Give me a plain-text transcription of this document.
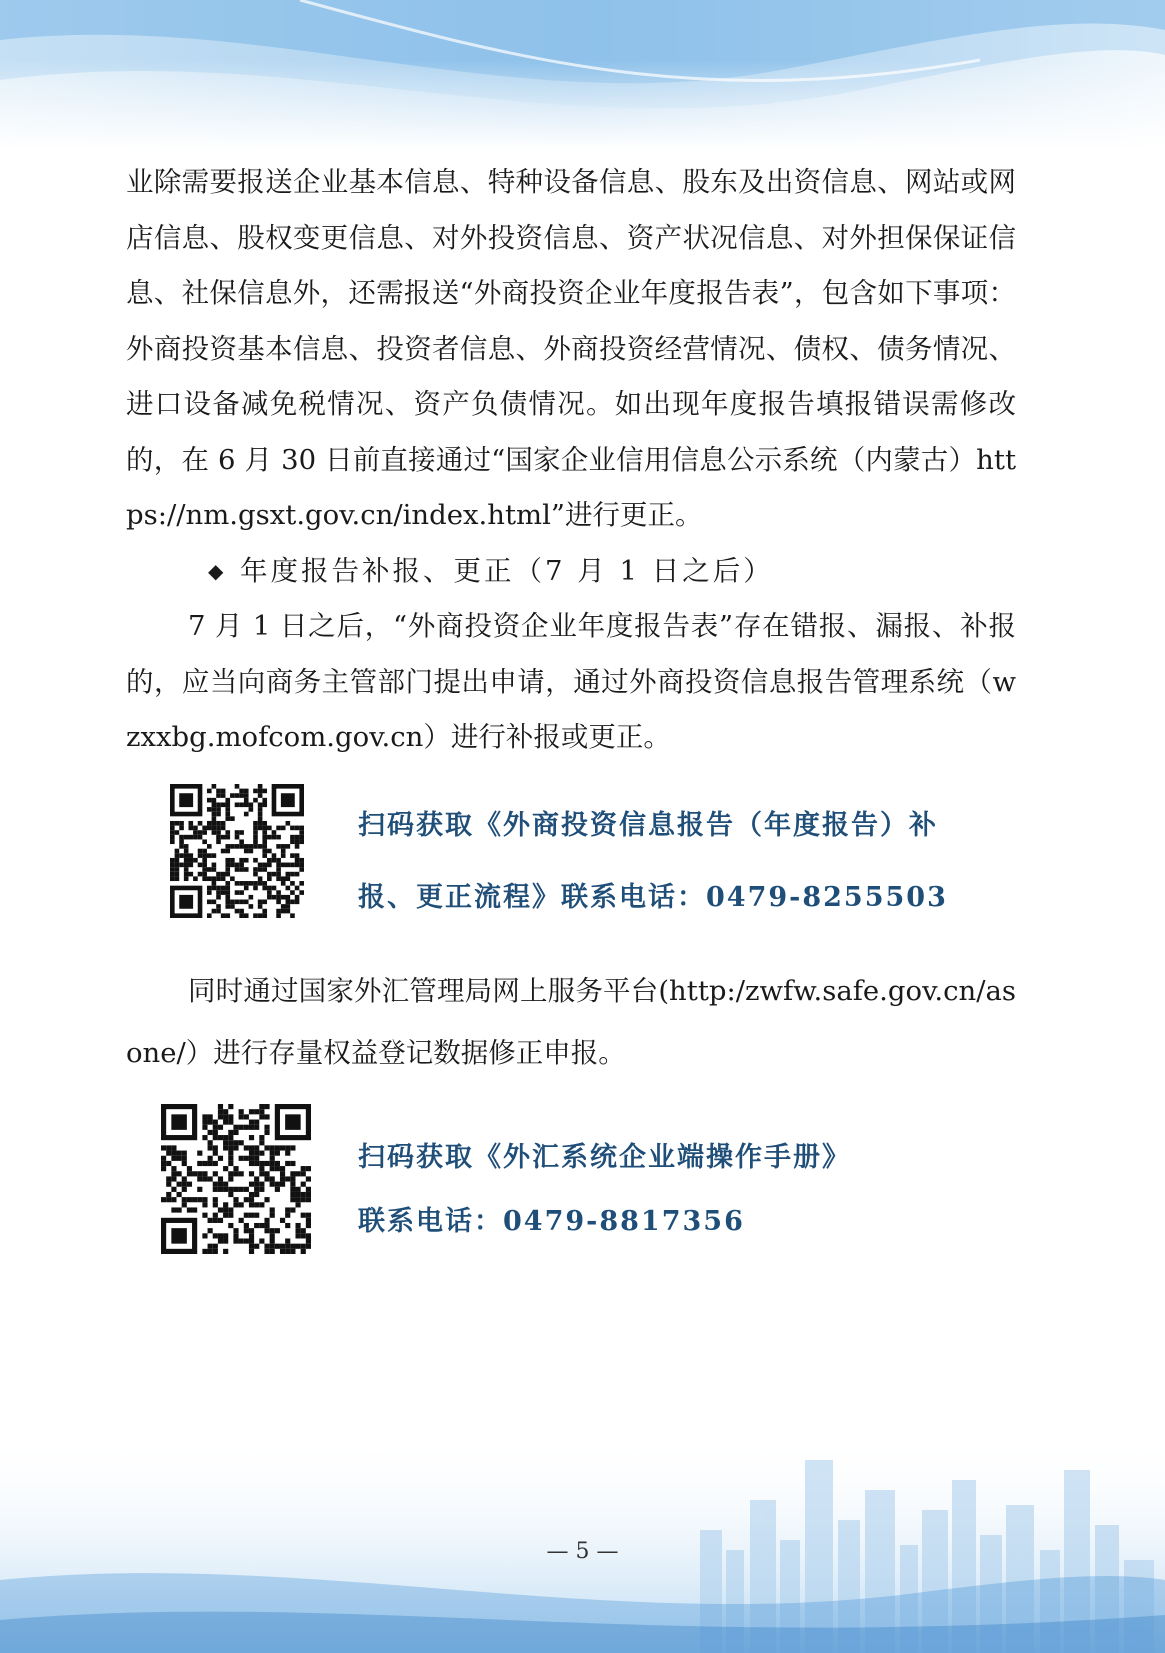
业除需要报送企业基本信息、特种设备信息、股东及出资信息、网站或网店信息、股权变更信息、对外投资信息、资产状况信息、对外担保保证信息、社保信息外，还需报送“外商投资企业年度报告表”，包含如下事项：外商投资基本信息、投资者信息、外商投资经营情况、债权、债务情况、进口设备减免税情况、资产负债情况。如出现年度报告填报错误需修改的，在 6 月 30 日前直接通过“国家企业信用信息公示系统（内蒙古）https://nm.gsxt.gov.cn/index.html”进行更正。

◆ 年度报告补报、更正（7 月 1 日之后）

7 月 1 日之后，“外商投资企业年度报告表”存在错报、漏报、补报的，应当向商务主管部门提出申请，通过外商投资信息报告管理系统（wzxxbg.mofcom.gov.cn）进行补报或更正。

扫码获取《外商投资信息报告（年度报告）补
报、更正流程》联系电话：0479-8255503

同时通过国家外汇管理局网上服务平台(http:/zwfw.safe.gov.cn/asone/）进行存量权益登记数据修正申报。

扫码获取《外汇系统企业端操作手册》
联系电话：0479-8817356
— 5 —
